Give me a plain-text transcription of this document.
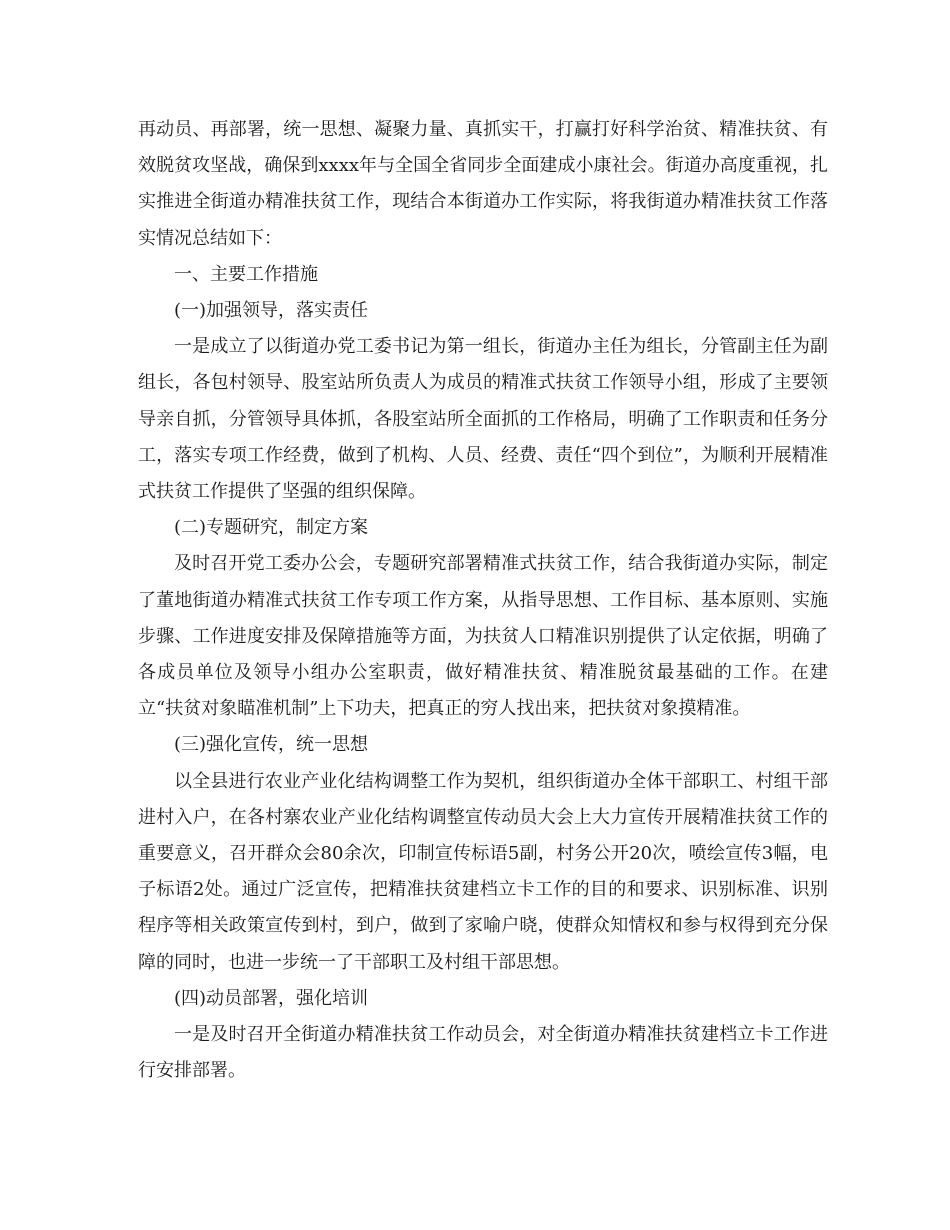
再动员、再部署，统一思想、凝聚力量、真抓实干，打赢打好科学治贫、精准扶贫、有效脱贫攻坚战，确保到xxxx年与全国全省同步全面建成小康社会。街道办高度重视，扎实推进全街道办精准扶贫工作，现结合本街道办工作实际，将我街道办精准扶贫工作落实情况总结如下：

一、主要工作措施

(一)加强领导，落实责任

一是成立了以街道办党工委书记为第一组长，街道办主任为组长，分管副主任为副组长，各包村领导、股室站所负责人为成员的精准式扶贫工作领导小组，形成了主要领导亲自抓，分管领导具体抓，各股室站所全面抓的工作格局，明确了工作职责和任务分工，落实专项工作经费，做到了机构、人员、经费、责任“四个到位”，为顺利开展精准式扶贫工作提供了坚强的组织保障。

(二)专题研究，制定方案

及时召开党工委办公会，专题研究部署精准式扶贫工作，结合我街道办实际，制定了董地街道办精准式扶贫工作专项工作方案，从指导思想、工作目标、基本原则、实施步骤、工作进度安排及保障措施等方面，为扶贫人口精准识别提供了认定依据，明确了各成员单位及领导小组办公室职责，做好精准扶贫、精准脱贫最基础的工作。在建立“扶贫对象瞄准机制”上下功夫，把真正的穷人找出来，把扶贫对象摸精准。

(三)强化宣传，统一思想

以全县进行农业产业化结构调整工作为契机，组织街道办全体干部职工、村组干部进村入户，在各村寨农业产业化结构调整宣传动员大会上大力宣传开展精准扶贫工作的重要意义，召开群众会80余次，印制宣传标语5副，村务公开20次，喷绘宣传3幅，电子标语2处。通过广泛宣传，把精准扶贫建档立卡工作的目的和要求、识别标准、识别程序等相关政策宣传到村，到户，做到了家喻户晓，使群众知情权和参与权得到充分保障的同时，也进一步统一了干部职工及村组干部思想。

(四)动员部署，强化培训

一是及时召开全街道办精准扶贫工作动员会，对全街道办精准扶贫建档立卡工作进行安排部署。
